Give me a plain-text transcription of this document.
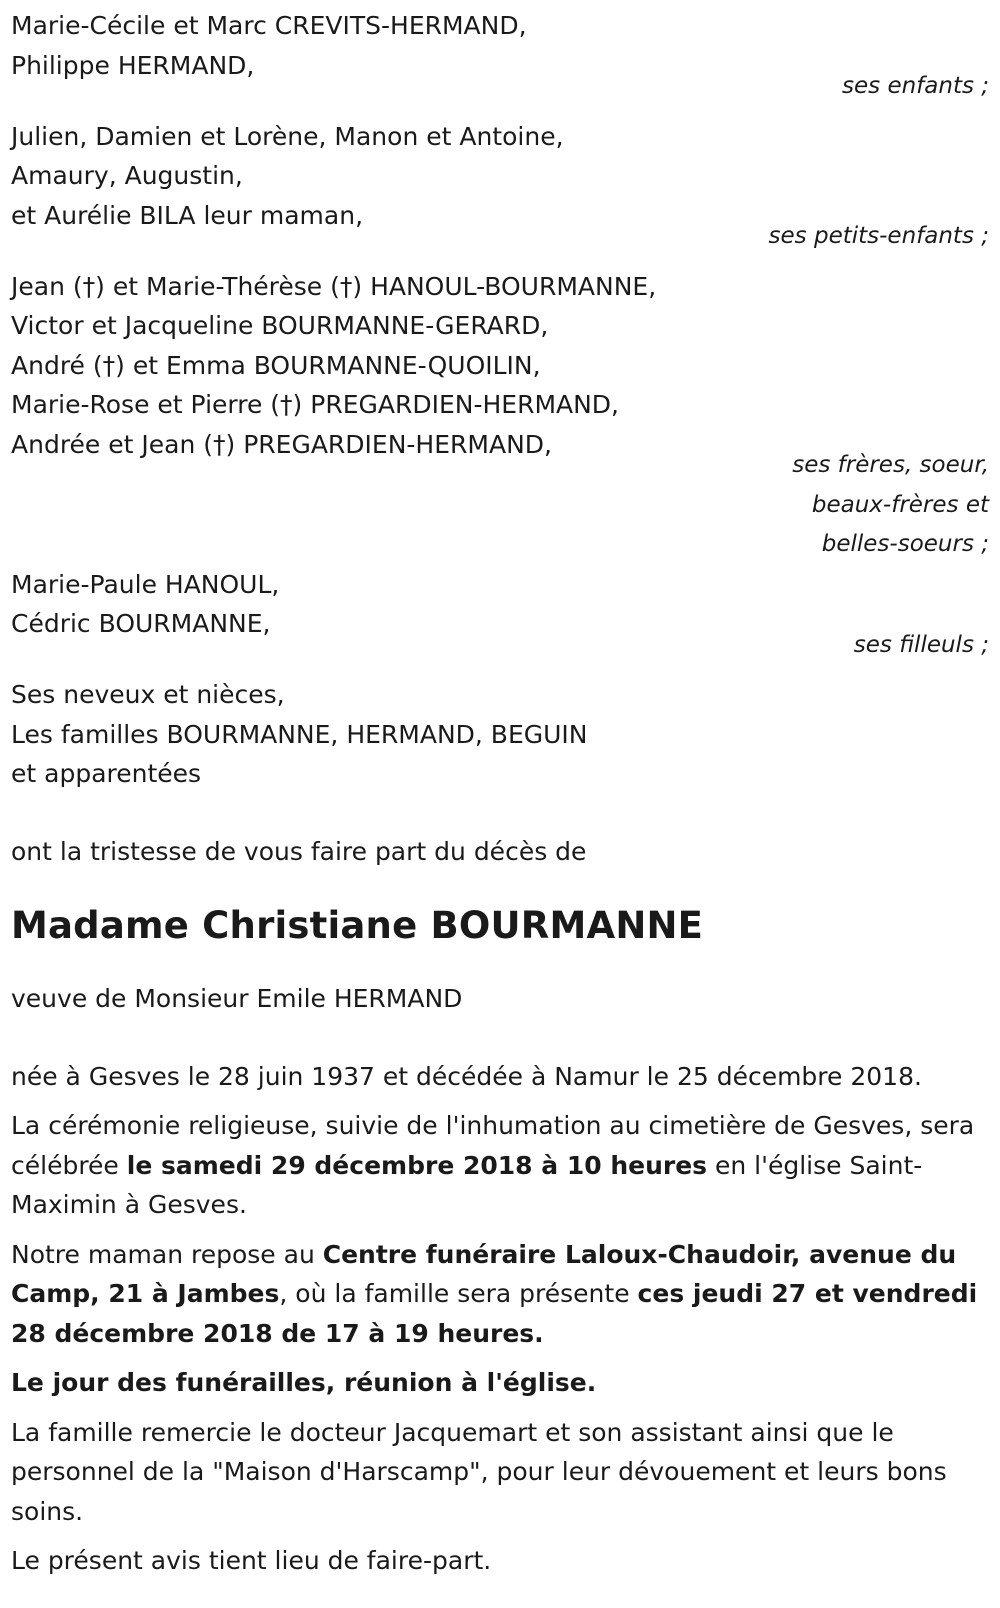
Marie-Cécile et Marc CREVITS-HERMAND,
Philippe HERMAND,
ses enfants ;
Julien, Damien et Lorène, Manon et Antoine,
Amaury, Augustin,
et Aurélie BILA leur maman,
ses petits-enfants ;
Jean (†) et Marie-Thérèse (†) HANOUL-BOURMANNE,
Victor et Jacqueline BOURMANNE-GERARD,
André (†) et Emma BOURMANNE-QUOILIN,
Marie-Rose et Pierre (†) PREGARDIEN-HERMAND,
Andrée et Jean (†) PREGARDIEN-HERMAND,
ses frères, soeur,
beaux-frères et
belles-soeurs ;
Marie-Paule HANOUL,
Cédric BOURMANNE,
ses filleuls ;
Ses neveux et nièces,
Les familles BOURMANNE, HERMAND, BEGUIN
et apparentées
ont la tristesse de vous faire part du décès de
Madame Christiane BOURMANNE
veuve de Monsieur Emile HERMAND

née à Gesves le 28 juin 1937 et décédée à Namur le 25 décembre 2018.

La cérémonie religieuse, suivie de l'inhumation au cimetière de Gesves, sera célébrée le samedi 29 décembre 2018 à 10 heures en l'église Saint-Maximin à Gesves.

Notre maman repose au Centre funéraire Laloux-Chaudoir, avenue du Camp, 21 à Jambes, où la famille sera présente ces jeudi 27 et vendredi 28 décembre 2018 de 17 à 19 heures.

Le jour des funérailles, réunion à l'église.

La famille remercie le docteur Jacquemart et son assistant ainsi que le personnel de la "Maison d'Harscamp", pour leur dévouement et leurs bons soins.

Le présent avis tient lieu de faire-part.
